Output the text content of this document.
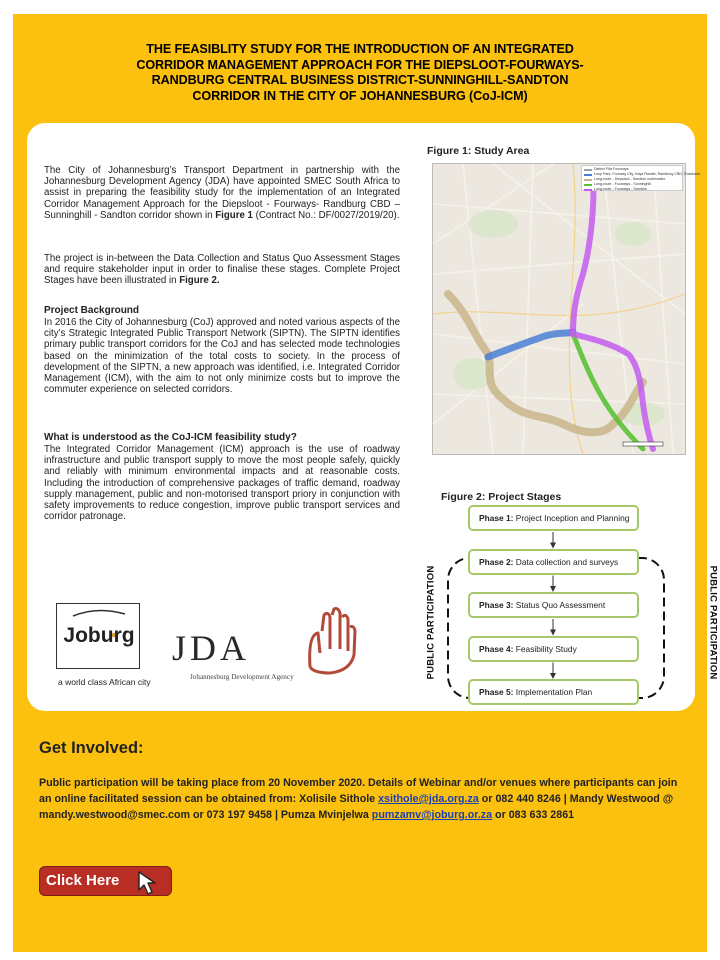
THE FEASIBLITY STUDY FOR THE INTRODUCTION OF AN INTEGRATED
CORRIDOR MANAGEMENT APPROACH FOR THE DIEPSLOOT-FOURWAYS-
RANDBURG CENTRAL BUSINESS DISTRICT-SUNNINGHILL-SANDTON
CORRIDOR IN THE CITY OF JOHANNESBURG (CoJ-ICM)

The City of Johannesburg’s Transport Department in partnership with the Johannesburg Development Agency (JDA) have appointed SMEC South Africa to assist in preparing the feasibility study for the implementation of an Integrated Corridor Management Approach for the Diepsloot - Fourways- Randburg CBD – Sunninghill - Sandton corridor shown in Figure 1 (Contract No.: DF/0027/2019/20).

The project is in-between the Data Collection and Status Quo Assessment Stages and require stakeholder input in order to finalise these stages. Complete Project Stages have been illustrated in Figure 2.

Project Background

In 2016 the City of Johannesburg (CoJ) approved and noted various aspects of the city’s Strategic Integrated Public Transport Network (SIPTN). The SIPTN identifies primary public transport corridors for the CoJ and has selected mode technologies based on the minimization of the total costs to society. In the process of development of the SIPTN, a new approach was identified, i.e. Integrated Corridor Management (ICM), with the aim to not only minimize costs but to improve the commuter experience on selected corridors.

What is understood as the CoJ-ICM feasibility study?

The Integrated Corridor Management (ICM) approach is the use of roadway infrastructure and public transport supply to move the most people safely, quickly and reliably with minimum environmental impacts and at reasonable costs. Including the introduction of comprehensive packages of traffic demand, roadway supply management, public and non-motorised transport priory in conjunction with safety improvements to reduce congestion, improve public transport services and corridor patronage.

Figure 1: Study Area
District Fifa Fourways
Loop Park, Fourway City, Kaya Randle, Randburg CBD, Rosebank
Long-route - Diepsloot - Sandton underwater
Long-route - Fourways - Sunninghill
Long-route - Fourways - Sandton
Figure 2: Project Stages
Phase 1: Project Inception and Planning
Phase 2: Data collection and surveys
Phase 3: Status Quo Assessment
Phase 4: Feasibility Study
Phase 5: Implementation Plan
PUBLIC PARTICIPATION	PUBLIC PARTICIPATION
Joburg
a world class African city
JDA
Johannesburg Development Agency
Get Involved:
Public participation will be taking place from 20 November 2020. Details of Webinar and/or venues where participants can join an online facilitated session can be obtained from: Xolisile Sithole xsithole@jda.org.za or 082 440 8246 | Mandy Westwood @ mandy.westwood@smec.com or 073 197 9458 | Pumza Mvinjelwa pumzamv@joburg.or.za or 083 633 2861
Click Here
